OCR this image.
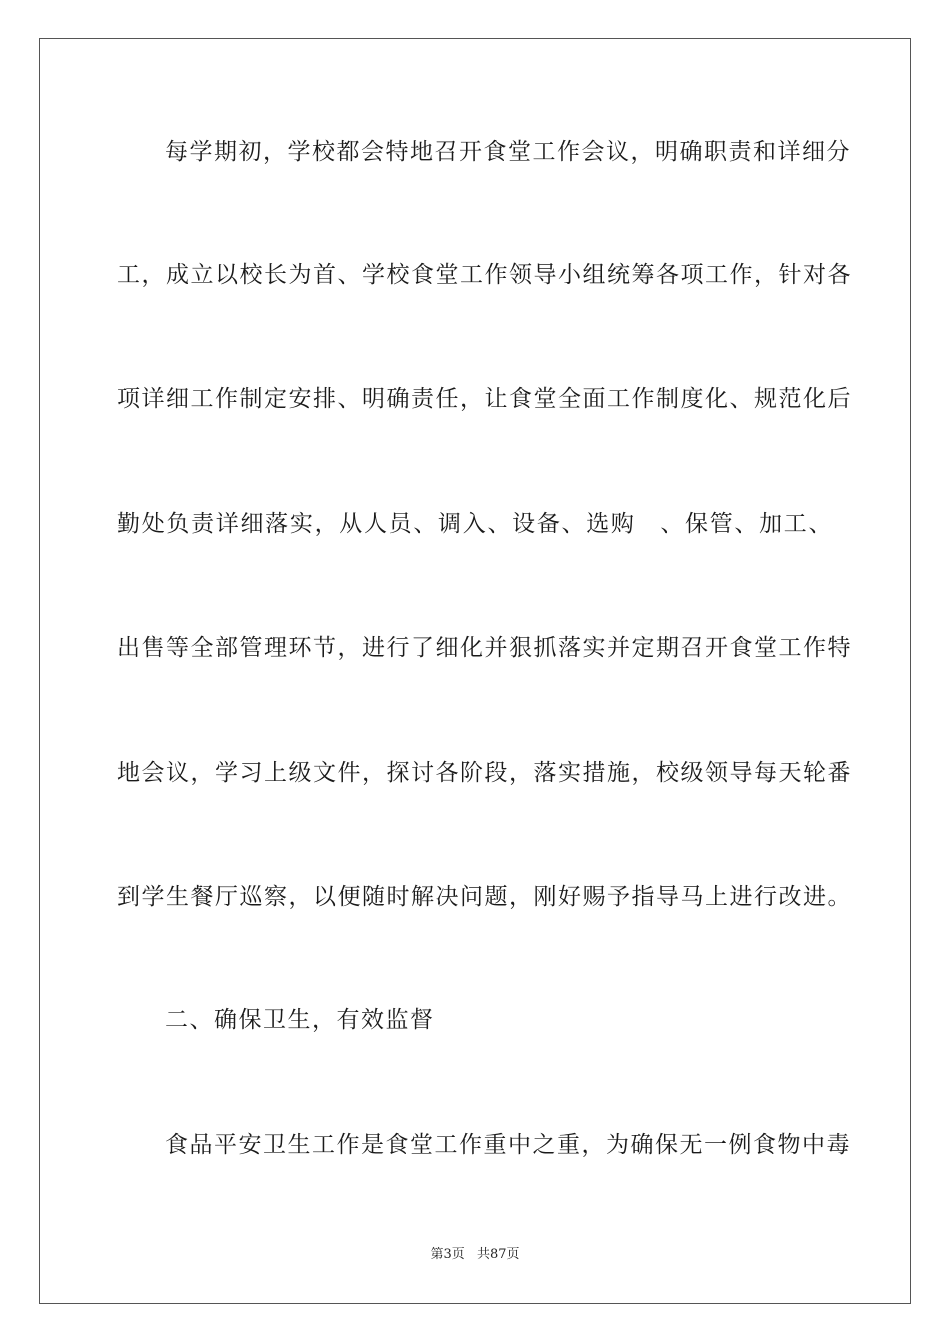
每学期初，学校都会特地召开食堂工作会议，明确职责和详细分
工，成立以校长为首、学校食堂工作领导小组统筹各项工作，针对各
项详细工作制定安排、明确责任，让食堂全面工作制度化、规范化后
勤处负责详细落实，从人员、调入、设备、选购　、保管、加工、
出售等全部管理环节，进行了细化并狠抓落实并定期召开食堂工作特
地会议，学习上级文件，探讨各阶段，落实措施，校级领导每天轮番
到学生餐厅巡察，以便随时解决问题，刚好赐予指导马上进行改进。
二、确保卫生，有效监督
食品平安卫生工作是食堂工作重中之重，为确保无一例食物中毒
第3页 共87页
